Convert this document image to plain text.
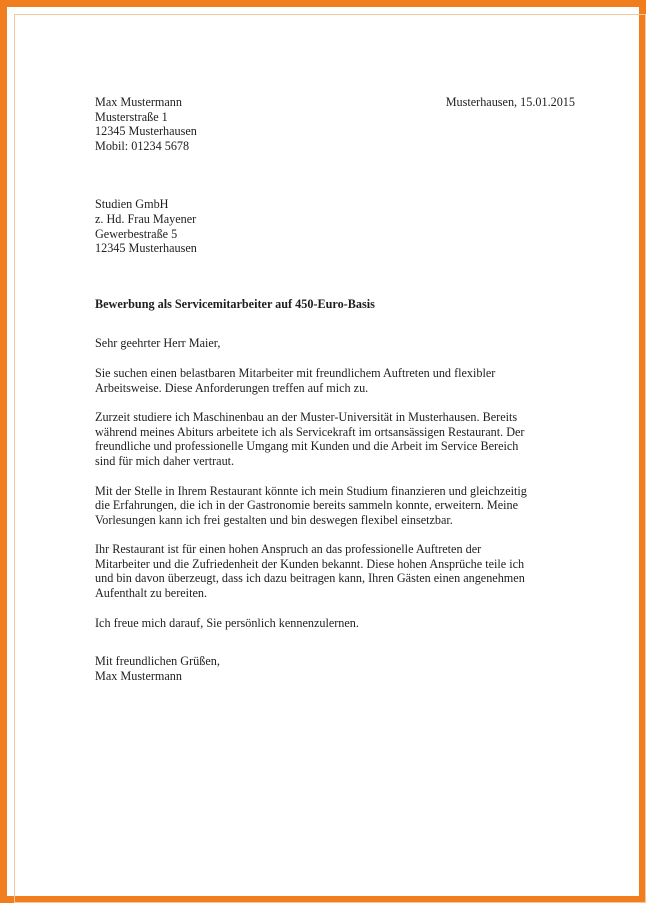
Max Mustermann
Musterstraße 1
12345 Musterhausen
Mobil: 01234 5678
Musterhausen, 15.01.2015
Studien GmbH
z. Hd. Frau Mayener
Gewerbestraße 5
12345 Musterhausen
Bewerbung als Servicemitarbeiter auf 450-Euro-Basis
Sehr geehrter Herr Maier,
Sie suchen einen belastbaren Mitarbeiter mit freundlichem Auftreten und flexibler
Arbeitsweise. Diese Anforderungen treffen auf mich zu.
Zurzeit studiere ich Maschinenbau an der Muster-Universität in Musterhausen. Bereits
während meines Abiturs arbeitete ich als Servicekraft im ortsansässigen Restaurant. Der
freundliche und professionelle Umgang mit Kunden und die Arbeit im Service Bereich
sind für mich daher vertraut.
Mit der Stelle in Ihrem Restaurant könnte ich mein Studium finanzieren und gleichzeitig
die Erfahrungen, die ich in der Gastronomie bereits sammeln konnte, erweitern. Meine
Vorlesungen kann ich frei gestalten und bin deswegen flexibel einsetzbar.
Ihr Restaurant ist für einen hohen Anspruch an das professionelle Auftreten der
Mitarbeiter und die Zufriedenheit der Kunden bekannt. Diese hohen Ansprüche teile ich
und bin davon überzeugt, dass ich dazu beitragen kann, Ihren Gästen einen angenehmen
Aufenthalt zu bereiten.
Ich freue mich darauf, Sie persönlich kennenzulernen.
Mit freundlichen Grüßen,
Max Mustermann
